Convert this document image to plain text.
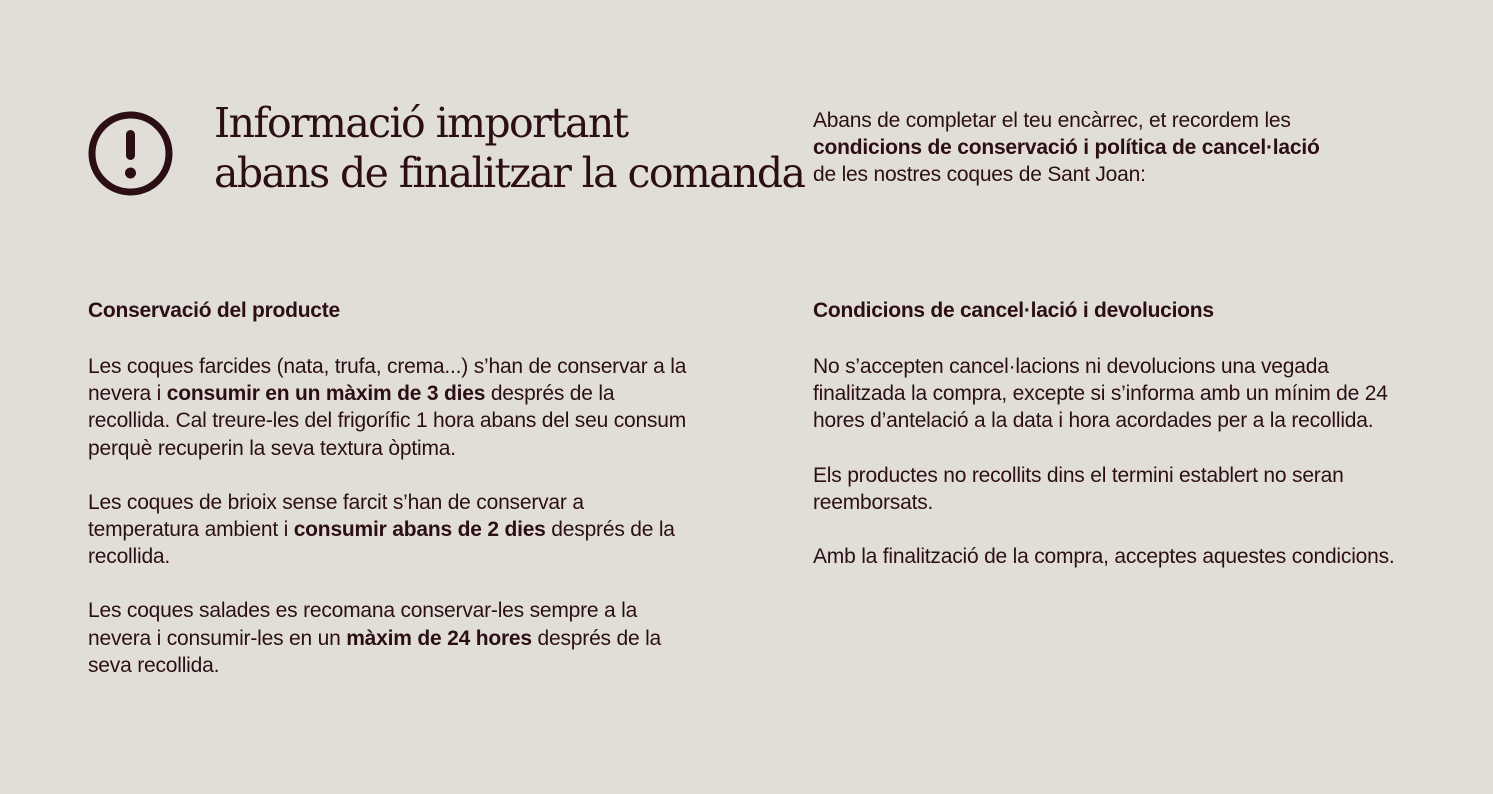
Informació important
abans de finalitzar la comanda

Abans de completar el teu encàrrec, et recordem les condicions de conservació i política de cancel·lació de les nostres coques de Sant Joan:

Conservació del producte

Les coques farcides (nata, trufa, crema...) s’han de conservar a la nevera i consumir en un màxim de 3 dies després de la recollida. Cal treure-les del frigorífic 1 hora abans del seu consum perquè recuperin la seva textura òptima.

Les coques de brioix sense farcit s’han de conservar a temperatura ambient i consumir abans de 2 dies després de la recollida.

Les coques salades es recomana conservar-les sempre a la nevera i consumir-les en un màxim de 24 hores després de la seva recollida.

Condicions de cancel·lació i devolucions

No s’accepten cancel·lacions ni devolucions una vegada finalitzada la compra, excepte si s’informa amb un mínim de 24 hores d’antelació a la data i hora acordades per a la recollida.

Els productes no recollits dins el termini establert no seran reemborsats.

Amb la finalització de la compra, acceptes aquestes condicions.
